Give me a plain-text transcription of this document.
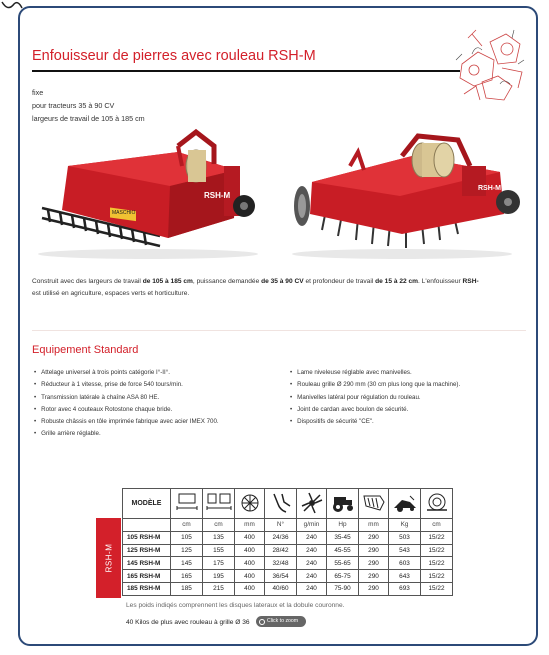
Enfouisseur de pierres avec rouleau RSH-M
fixe
pour tracteurs 35 à 90 CV
largeurs de travail de 105 à 185 cm
MASCHIO
RSH-M
RSH-M
Construit avec des largeurs de travail de 105 à 185 cm, puissance demandée de 35 à 90 CV et profondeur de travail de 15 à 22 cm. L'enfouisseur RSH-
est utilisé en agriculture, espaces verts et horticulture.
Equipement Standard
• Attelage universel à trois points catégorie I°-II°.
• Réducteur à 1 vitesse, prise de force 540 tours/min.
• Transmission latérale à chaîne ASA 80 HE.
• Rotor avec 4 couteaux Rotostone chaque bride.
• Robuste châssis en tôle imprimée fabrique avec acier IMEX 700.
• Grille arrière réglable.
• Lame niveleuse réglable avec manivelles.
• Rouleau grille Ø 290 mm (30 cm plus long que la machine).
• Manivelles latéral pour régulation du rouleau.
• Joint de cardan avec boulon de sécurité.
• Dispositifs de sécurité "CE".
RSH-M
MODÈLE									
	cm	cm	mm	N°	g/min	Hp	mm	Kg	cm
105 RSH-M	105	135	400	24/36	240	35-45	290	503	15/22
125 RSH-M	125	155	400	28/42	240	45-55	290	543	15/22
145 RSH-M	145	175	400	32/48	240	55-65	290	603	15/22
165 RSH-M	165	195	400	36/54	240	65-75	290	643	15/22
185 RSH-M	185	215	400	40/60	240	75-90	290	693	15/22
Les poids indiqés comprennent les disques lateraux et la dobule couronne.
40 Kilos de plus avec rouleau à grille Ø 36	Click to zoom
